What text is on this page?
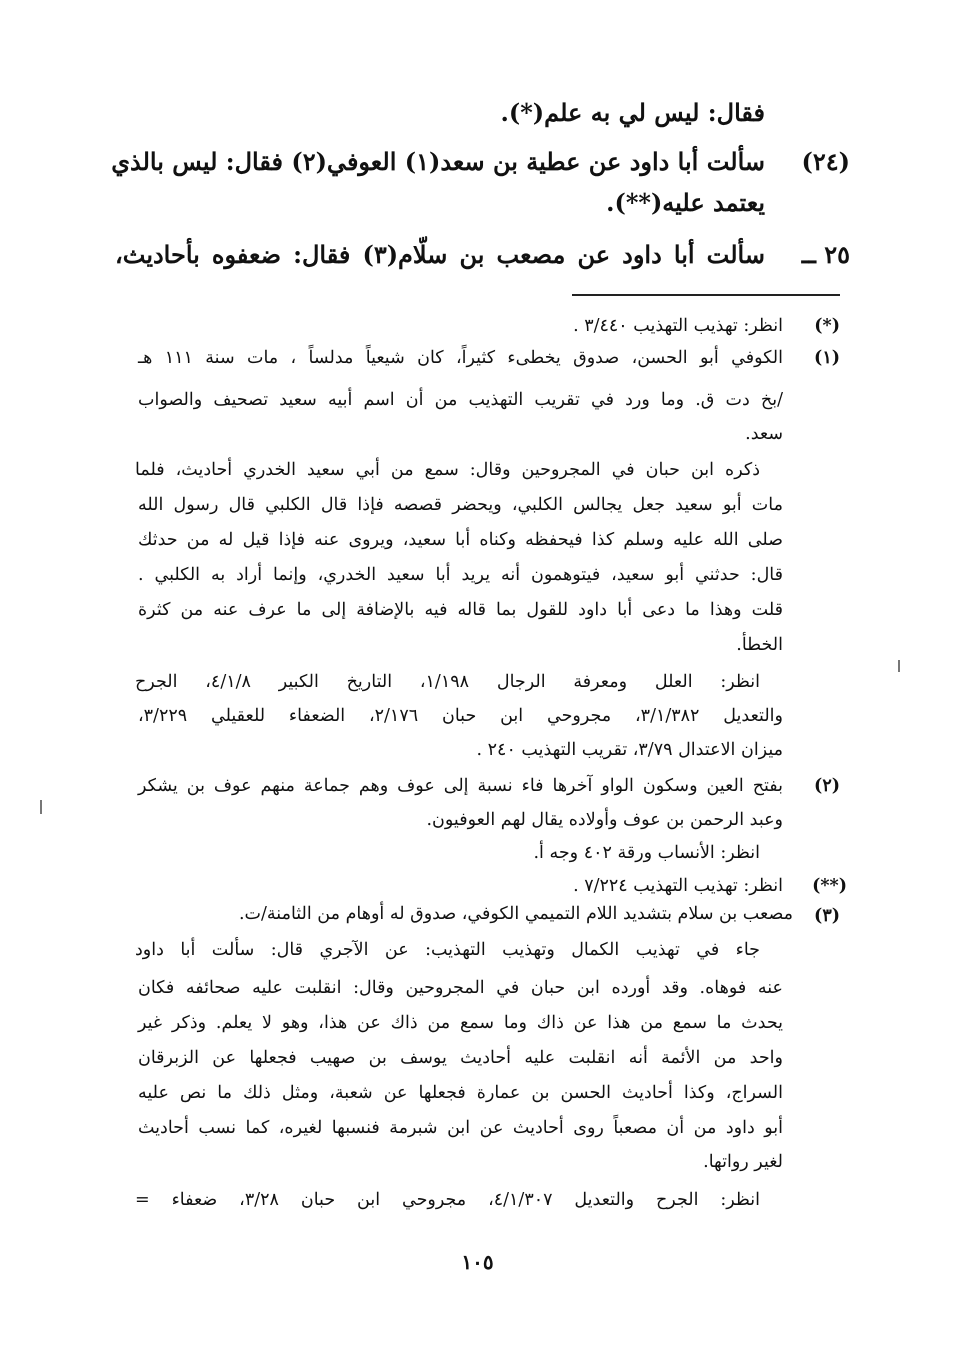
فقال: ليس لي به علم(*).
(٢٤)
سألت أبا داود عن عطية بن سعد(١) العوفي(٢) فقال: ليس بالذي
يعتمد عليه(**).
٢٥ ــ
سألت أبا داود عن مصعب بن سلّام(٣) فقال: ضعفوه بأحاديث،
(*)
انظر: تهذيب التهذيب ٣/٤٤٠ .
(١)
الكوفي أبو الحسن، صدوق يخطىء كثيراً، كان شيعياً مدلساً ، مات سنة ١١١ هـ
/بخ دت ق. وما ورد في تقريب التهذيب من أن اسم أبيه سعيد تصحيف والصواب
سعد.
ذكره ابن حبان في المجروحين وقال: سمع من أبي سعيد الخدري أحاديث، فلما
مات أبو سعيد جعل يجالس الكلبي، ويحضر قصصه فإذا قال الكلبي قال رسول الله
صلى الله عليه وسلم كذا فيحفظه وكناه أبا سعيد، ويروى عنه فإذا قيل له من حدثك
قال: حدثني أبو سعيد، فيتوهمون أنه يريد أبا سعيد الخدري، وإنما أراد به الكلبي .
قلت وهذا ما دعى أبا داود للقول بما قاله فيه بالإضافة إلى ما عرف عنه من كثرة
الخطأ.
انظر: العلل ومعرفة الرجال ١/١٩٨، التاريخ الكبير ٤/١/٨، الجرح
والتعديل ٣/١/٣٨٢، مجروحي ابن حبان ٢/١٧٦، الضعفاء للعقيلي ٣/٢٢٩،
ميزان الاعتدال ٣/٧٩، تقريب التهذيب ٢٤٠ .
(٢)
بفتح العين وسكون الواو آخرها فاء نسبة إلى عوف وهم جماعة منهم عوف بن يشكر
وعبد الرحمن بن عوف وأولاده يقال لهم العوفيون.
انظر: الأنساب ورقة ٤٠٢ وجه أ.
(**)
انظر: تهذيب التهذيب ٧/٢٢٤ .
(٣)
مصعب بن سلام بتشديد اللام التميمي الكوفي، صدوق له أوهام من الثامنة/ت.
جاء في تهذيب الكمال وتهذيب التهذيب: عن الآجري قال: سألت أبا داود
عنه فوهاه. وقد أورده ابن حبان في المجروحين وقال: انقلبت عليه صحائفه فكان
يحدث ما سمع من هذا عن ذاك وما سمع من ذاك عن هذا، وهو لا يعلم. وذكر غير
واحد من الأئمة أنه انقلبت عليه أحاديث يوسف بن صهيب فجعلها عن الزبرقان
السراج، وكذا أحاديث الحسن بن عمارة فجعلها عن شعبة، ومثل ذلك ما نص عليه
أبو داود من أن مصعباً روى أحاديث عن ابن شبرمة فنسبها لغيره، كما نسب أحاديث
لغير رواتها.
انظر: الجرح والتعديل ٤/١/٣٠٧، مجروحي ابن حبان ٣/٢٨، ضعفاء =
١٠٥
